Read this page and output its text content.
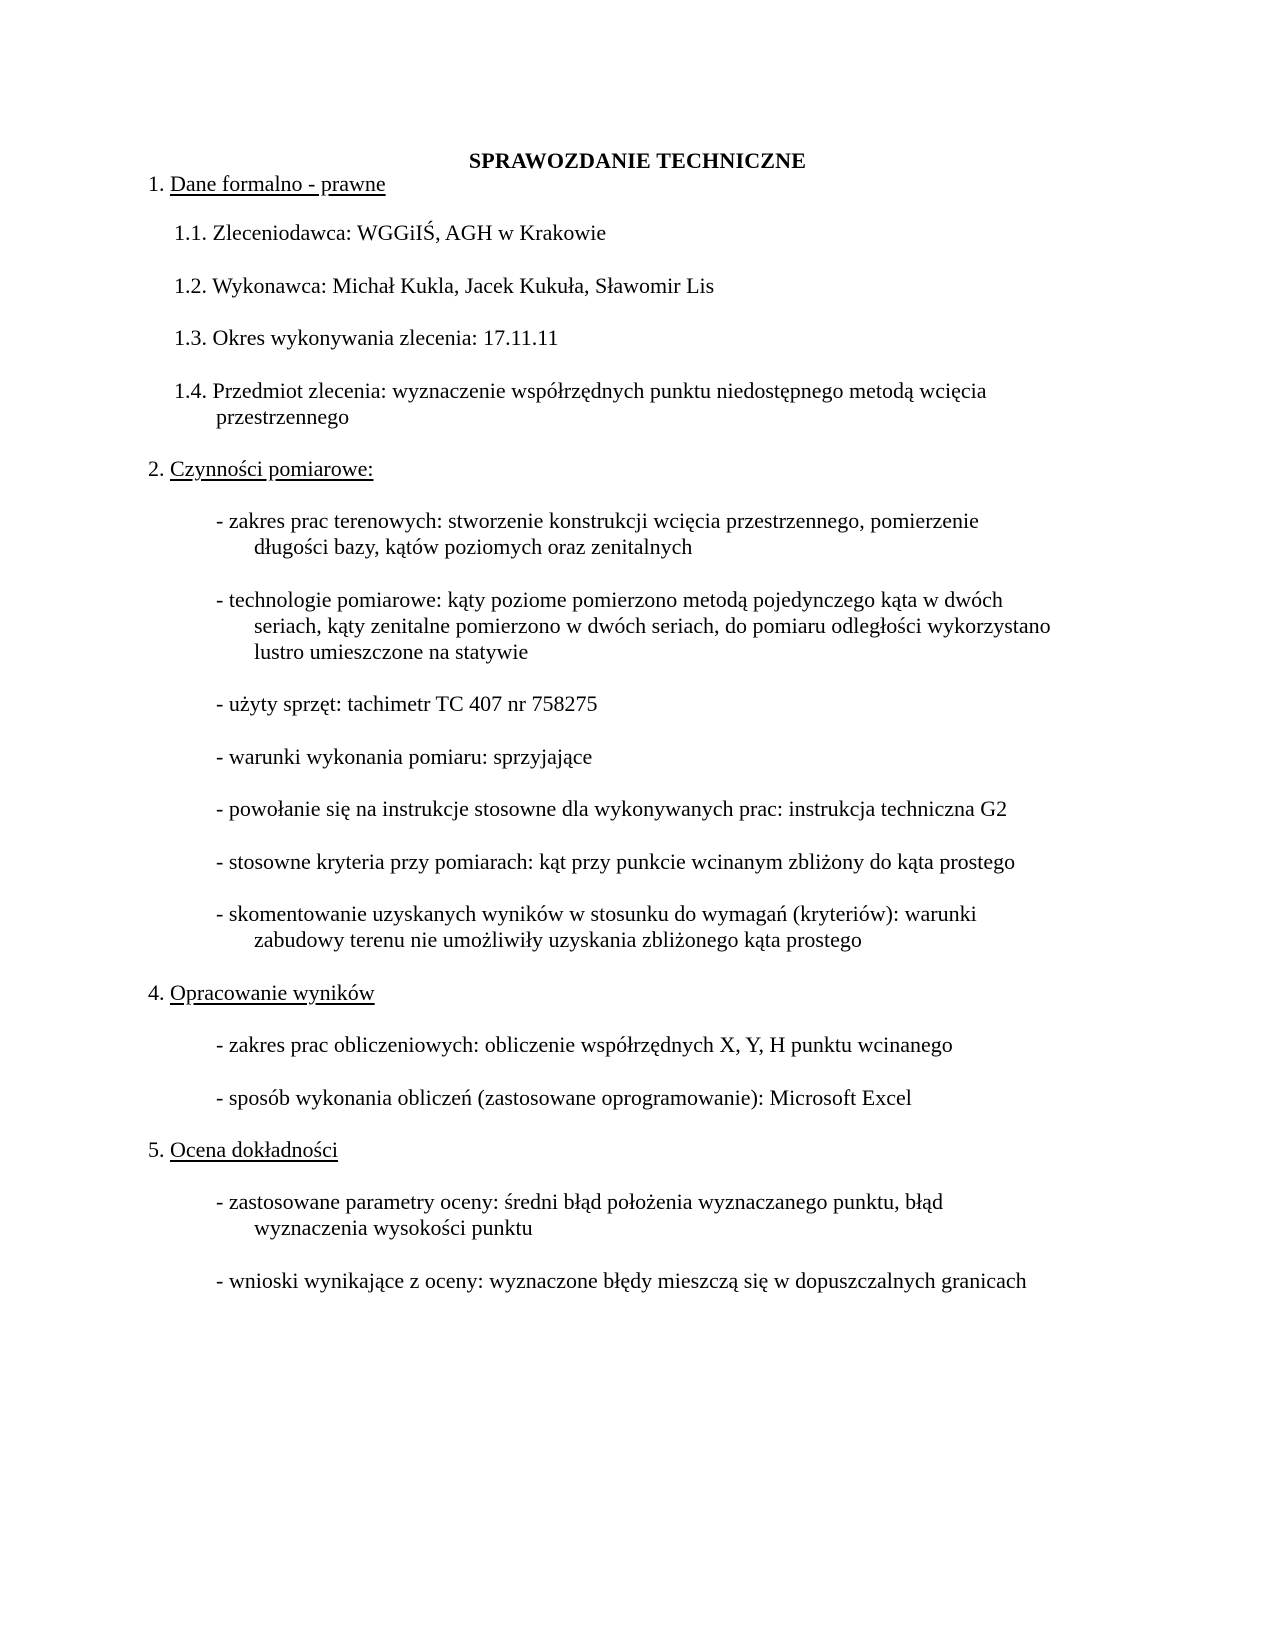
SPRAWOZDANIE TECHNICZNE
1. Dane formalno - prawne
1.1. Zleceniodawca: WGGiIŚ, AGH w Krakowie
1.2. Wykonawca: Michał Kukla, Jacek Kukuła, Sławomir Lis
1.3. Okres wykonywania zlecenia: 17.11.11
1.4. Przedmiot zlecenia: wyznaczenie współrzędnych punktu niedostępnego metodą wcięcia
przestrzennego
2. Czynności pomiarowe:
- zakres prac terenowych: stworzenie konstrukcji wcięcia przestrzennego, pomierzenie
długości bazy, kątów poziomych oraz zenitalnych
- technologie pomiarowe: kąty poziome pomierzono metodą pojedynczego kąta w dwóch
seriach, kąty zenitalne pomierzono w dwóch seriach, do pomiaru odległości wykorzystano
lustro umieszczone na statywie
- użyty sprzęt: tachimetr TC 407 nr 758275
- warunki wykonania pomiaru: sprzyjające
- powołanie się na instrukcje stosowne dla wykonywanych prac: instrukcja techniczna G2
- stosowne kryteria przy pomiarach: kąt przy punkcie wcinanym zbliżony do kąta prostego
- skomentowanie uzyskanych wyników w stosunku do wymagań (kryteriów): warunki
zabudowy terenu nie umożliwiły uzyskania zbliżonego kąta prostego
4. Opracowanie wyników
- zakres prac obliczeniowych: obliczenie współrzędnych X, Y, H punktu wcinanego
- sposób wykonania obliczeń (zastosowane oprogramowanie): Microsoft Excel
5. Ocena dokładności
- zastosowane parametry oceny: średni błąd położenia wyznaczanego punktu, błąd
wyznaczenia wysokości punktu
- wnioski wynikające z oceny: wyznaczone błędy mieszczą się w dopuszczalnych granicach
